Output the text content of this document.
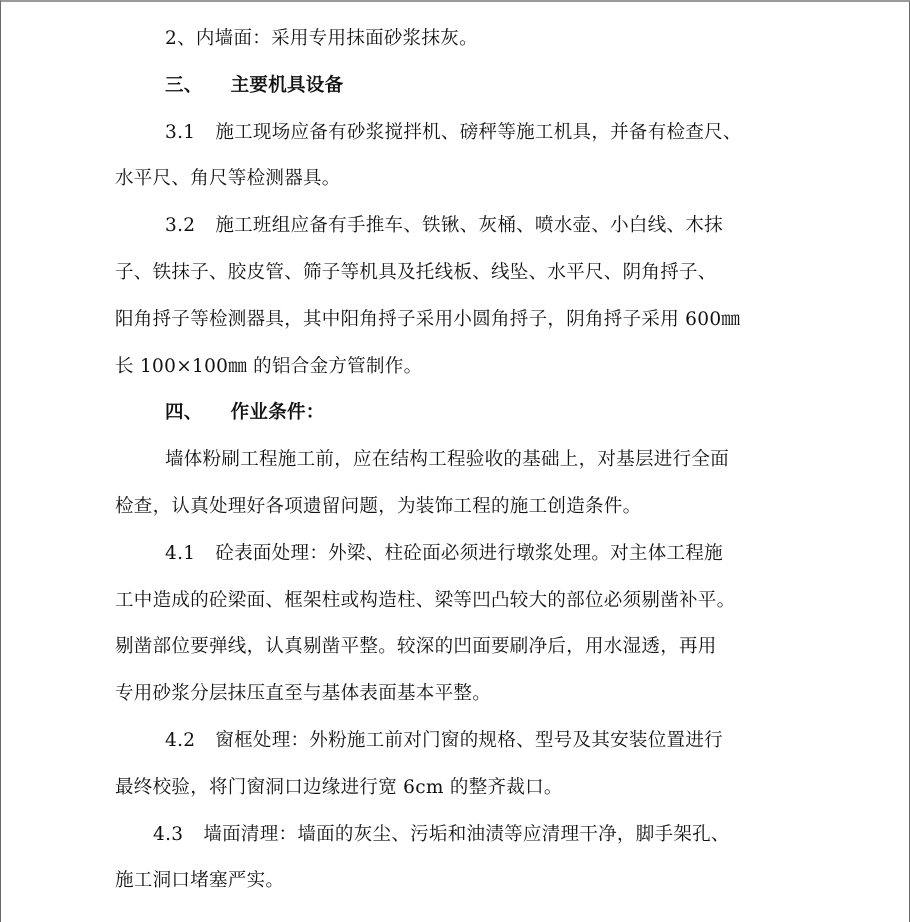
2、内墙面：采用专用抹面砂浆抹灰。
三、 主要机具设备
3.1 施工现场应备有砂浆搅拌机、磅秤等施工机具，并备有检查尺、
水平尺、角尺等检测器具。
3.2 施工班组应备有手推车、铁锹、灰桶、喷水壶、小白线、木抹
子、铁抹子、胶皮管、筛子等机具及托线板、线坠、水平尺、阴角捋子、
阳角捋子等检测器具，其中阳角捋子采用小圆角捋子，阴角捋子采用 600㎜
长 100×100㎜ 的铝合金方管制作。
四、 作业条件：
墙体粉刷工程施工前，应在结构工程验收的基础上，对基层进行全面
检查，认真处理好各项遗留问题，为装饰工程的施工创造条件。
4.1 砼表面处理：外梁、柱砼面必须进行墩浆处理。对主体工程施
工中造成的砼梁面、框架柱或构造柱、梁等凹凸较大的部位必须剔凿补平。
剔凿部位要弹线，认真剔凿平整。较深的凹面要刷净后，用水湿透，再用
专用砂浆分层抹压直至与基体表面基本平整。
4.2 窗框处理：外粉施工前对门窗的规格、型号及其安装位置进行
最终校验，将门窗洞口边缘进行宽 6cm 的整齐裁口。
4.3 墙面清理：墙面的灰尘、污垢和油渍等应清理干净，脚手架孔、
施工洞口堵塞严实。
